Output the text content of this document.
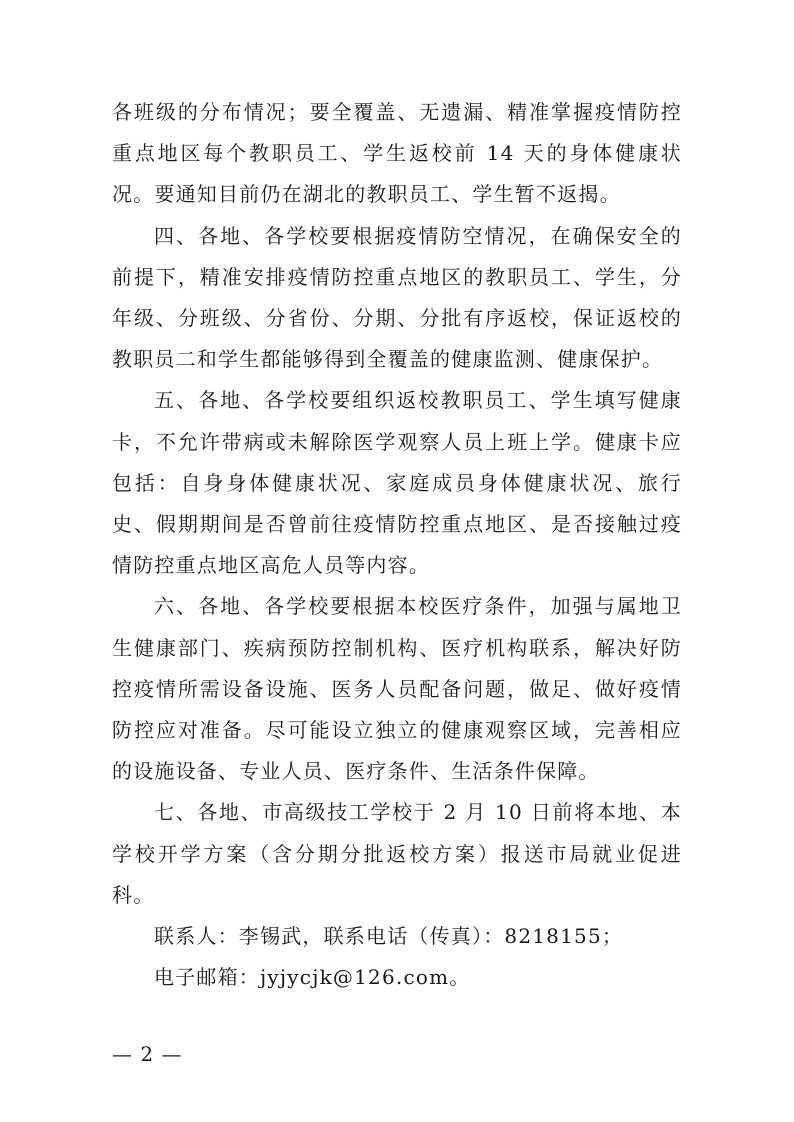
各班级的分布情况；要全覆盖、无遗漏、精准掌握疫情防控重点地区每个教职员工、学生返校前 14 天的身体健康状况。要通知目前仍在湖北的教职员工、学生暂不返揭。

四、各地、各学校要根据疫情防空情况，在确保安全的前提下，精准安排疫情防控重点地区的教职员工、学生，分年级、分班级、分省份、分期、分批有序返校，保证返校的教职员二和学生都能够得到全覆盖的健康监测、健康保护。

五、各地、各学校要组织返校教职员工、学生填写健康卡，不允许带病或未解除医学观察人员上班上学。健康卡应包括：自身身体健康状况、家庭成员身体健康状况、旅行史、假期期间是否曾前往疫情防控重点地区、是否接触过疫情防控重点地区高危人员等内容。

六、各地、各学校要根据本校医疗条件，加强与属地卫生健康部门、疾病预防控制机构、医疗机构联系，解决好防控疫情所需设备设施、医务人员配备问题，做足、做好疫情防控应对准备。尽可能设立独立的健康观察区域，完善相应的设施设备、专业人员、医疗条件、生活条件保障。

七、各地、市高级技工学校于 2 月 10 日前将本地、本学校开学方案（含分期分批返校方案）报送市局就业促进科。

联系人：李锡武，联系电话（传真）：8218155；

电子邮箱：jyjycjk@126.com。

— 2 —
